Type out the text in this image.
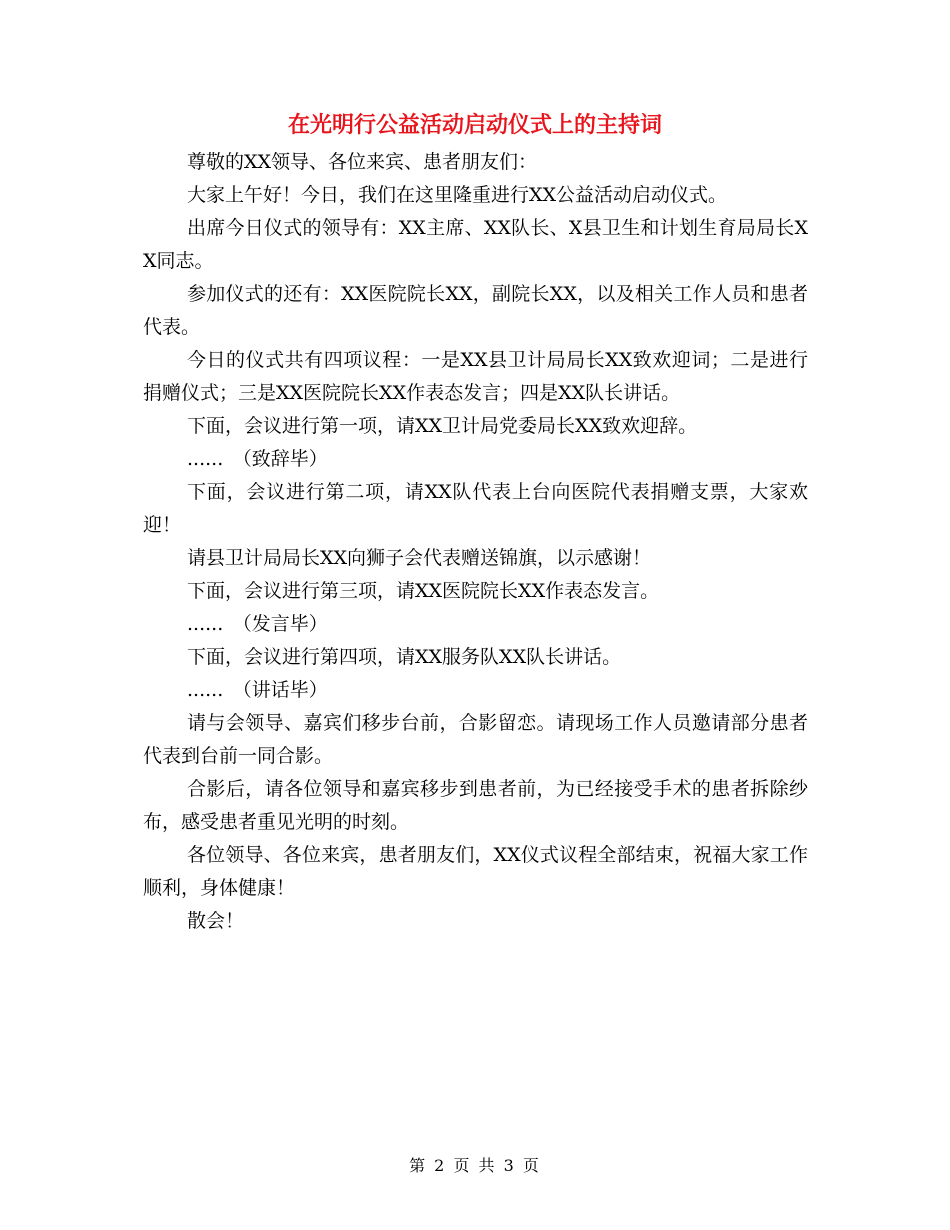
在光明行公益活动启动仪式上的主持词

尊敬的XX领导、各位来宾、患者朋友们：

大家上午好！今日，我们在这里隆重进行XX公益活动启动仪式。

出席今日仪式的领导有：XX主席、XX队长、X县卫生和计划生育局局长XX同志。

参加仪式的还有：XX医院院长XX，副院长XX，以及相关工作人员和患者代表。

今日的仪式共有四项议程：一是XX县卫计局局长XX致欢迎词；二是进行捐赠仪式；三是XX医院院长XX作表态发言；四是XX队长讲话。

下面，会议进行第一项，请XX卫计局党委局长XX致欢迎辞。

......　（致辞毕）

下面，会议进行第二项，请XX队代表上台向医院代表捐赠支票，大家欢迎！

请县卫计局局长XX向狮子会代表赠送锦旗，以示感谢！

下面，会议进行第三项，请XX医院院长XX作表态发言。

......　（发言毕）

下面，会议进行第四项，请XX服务队XX队长讲话。

......　（讲话毕）

请与会领导、嘉宾们移步台前，合影留恋。请现场工作人员邀请部分患者代表到台前一同合影。

合影后，请各位领导和嘉宾移步到患者前，为已经接受手术的患者拆除纱布，感受患者重见光明的时刻。

各位领导、各位来宾，患者朋友们，XX仪式议程全部结束，祝福大家工作顺利，身体健康！

散会！

第 2 页 共 3 页
